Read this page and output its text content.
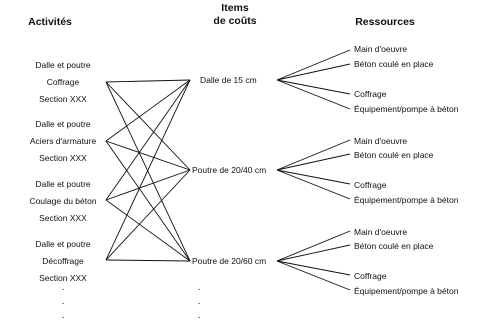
Activités
Items
de coûts	Ressources
Dalle et poutre
Coffrage
Section XXX
Dalle et poutre
Aciers d'armature
Section XXX
Dalle et poutre
Coulage du béton
Section XXX
Dalle et poutre
Décoffrage
Section XXX
Dalle de 15 cm
Poutre de 20/40 cm
Poutre de 20/60 cm
Main d'oeuvre
Béton coulé en place
Coffrage
Équipement/pompe à béton
Main d'oeuvre
Béton coulé en place
Coffrage
Équipement/pompe à béton
Main d'oeuvre
Béton coulé en place
Coffrage
Équipement/pompe à béton
·
·
·
·
·
·
